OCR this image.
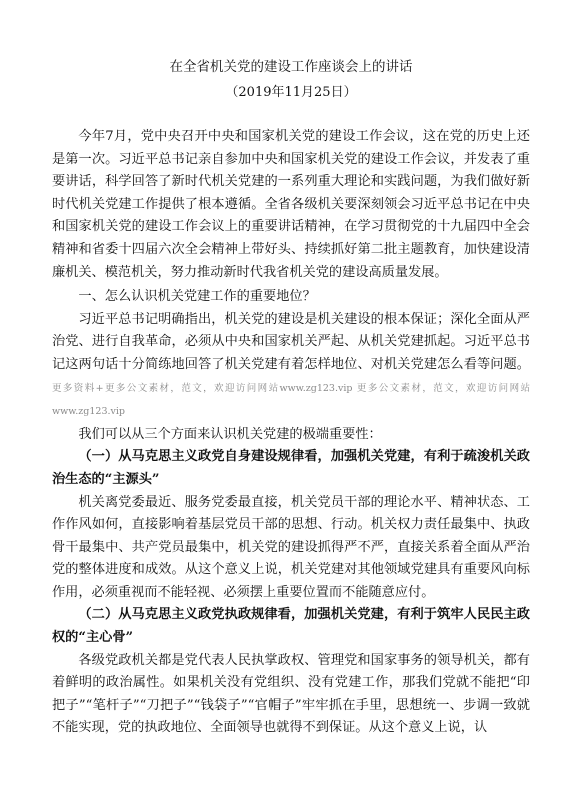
在全省机关党的建设工作座谈会上的讲话
（2019年11月25日）

今年7月，党中央召开中央和国家机关党的建设工作会议，这在党的历史上还是第一次。习近平总书记亲自参加中央和国家机关党的建设工作会议，并发表了重要讲话，科学回答了新时代机关党建的一系列重大理论和实践问题，为我们做好新时代机关党建工作提供了根本遵循。全省各级机关要深刻领会习近平总书记在中央和国家机关党的建设工作会议上的重要讲话精神，在学习贯彻党的十九届四中全会精神和省委十四届六次全会精神上带好头、持续抓好第二批主题教育，加快建设清廉机关、模范机关，努力推动新时代我省机关党的建设高质量发展。

一、怎么认识机关党建工作的重要地位？

习近平总书记明确指出，机关党的建设是机关建设的根本保证；深化全面从严治党、进行自我革命，必须从中央和国家机关严起、从机关党建抓起。习近平总书记这两句话十分简练地回答了机关党建有着怎样地位、对机关党建怎么看等问题。更多资料+更多公文素材，范文，欢迎访问网站www.zg123.vip 更多公文素材，范文，欢迎访问网站www.zg123.vip

我们可以从三个方面来认识机关党建的极端重要性：

（一）从马克思主义政党自身建设规律看，加强机关党建，有利于疏浚机关政治生态的“主源头”

机关离党委最近、服务党委最直接，机关党员干部的理论水平、精神状态、工作作风如何，直接影响着基层党员干部的思想、行动。机关权力责任最集中、执政骨干最集中、共产党员最集中，机关党的建设抓得严不严，直接关系着全面从严治党的整体进度和成效。从这个意义上说，机关党建对其他领域党建具有重要风向标作用，必须重视而不能轻视、必须摆上重要位置而不能随意应付。

（二）从马克思主义政党执政规律看，加强机关党建，有利于筑牢人民民主政权的“主心骨”

各级党政机关都是党代表人民执掌政权、管理党和国家事务的领导机关，都有着鲜明的政治属性。如果机关没有党组织、没有党建工作，那我们党就不能把“印把子”“笔杆子”“刀把子”“钱袋子”“官帽子”牢牢抓在手里，思想统一、步调一致就不能实现，党的执政地位、全面领导也就得不到保证。从这个意义上说，认
